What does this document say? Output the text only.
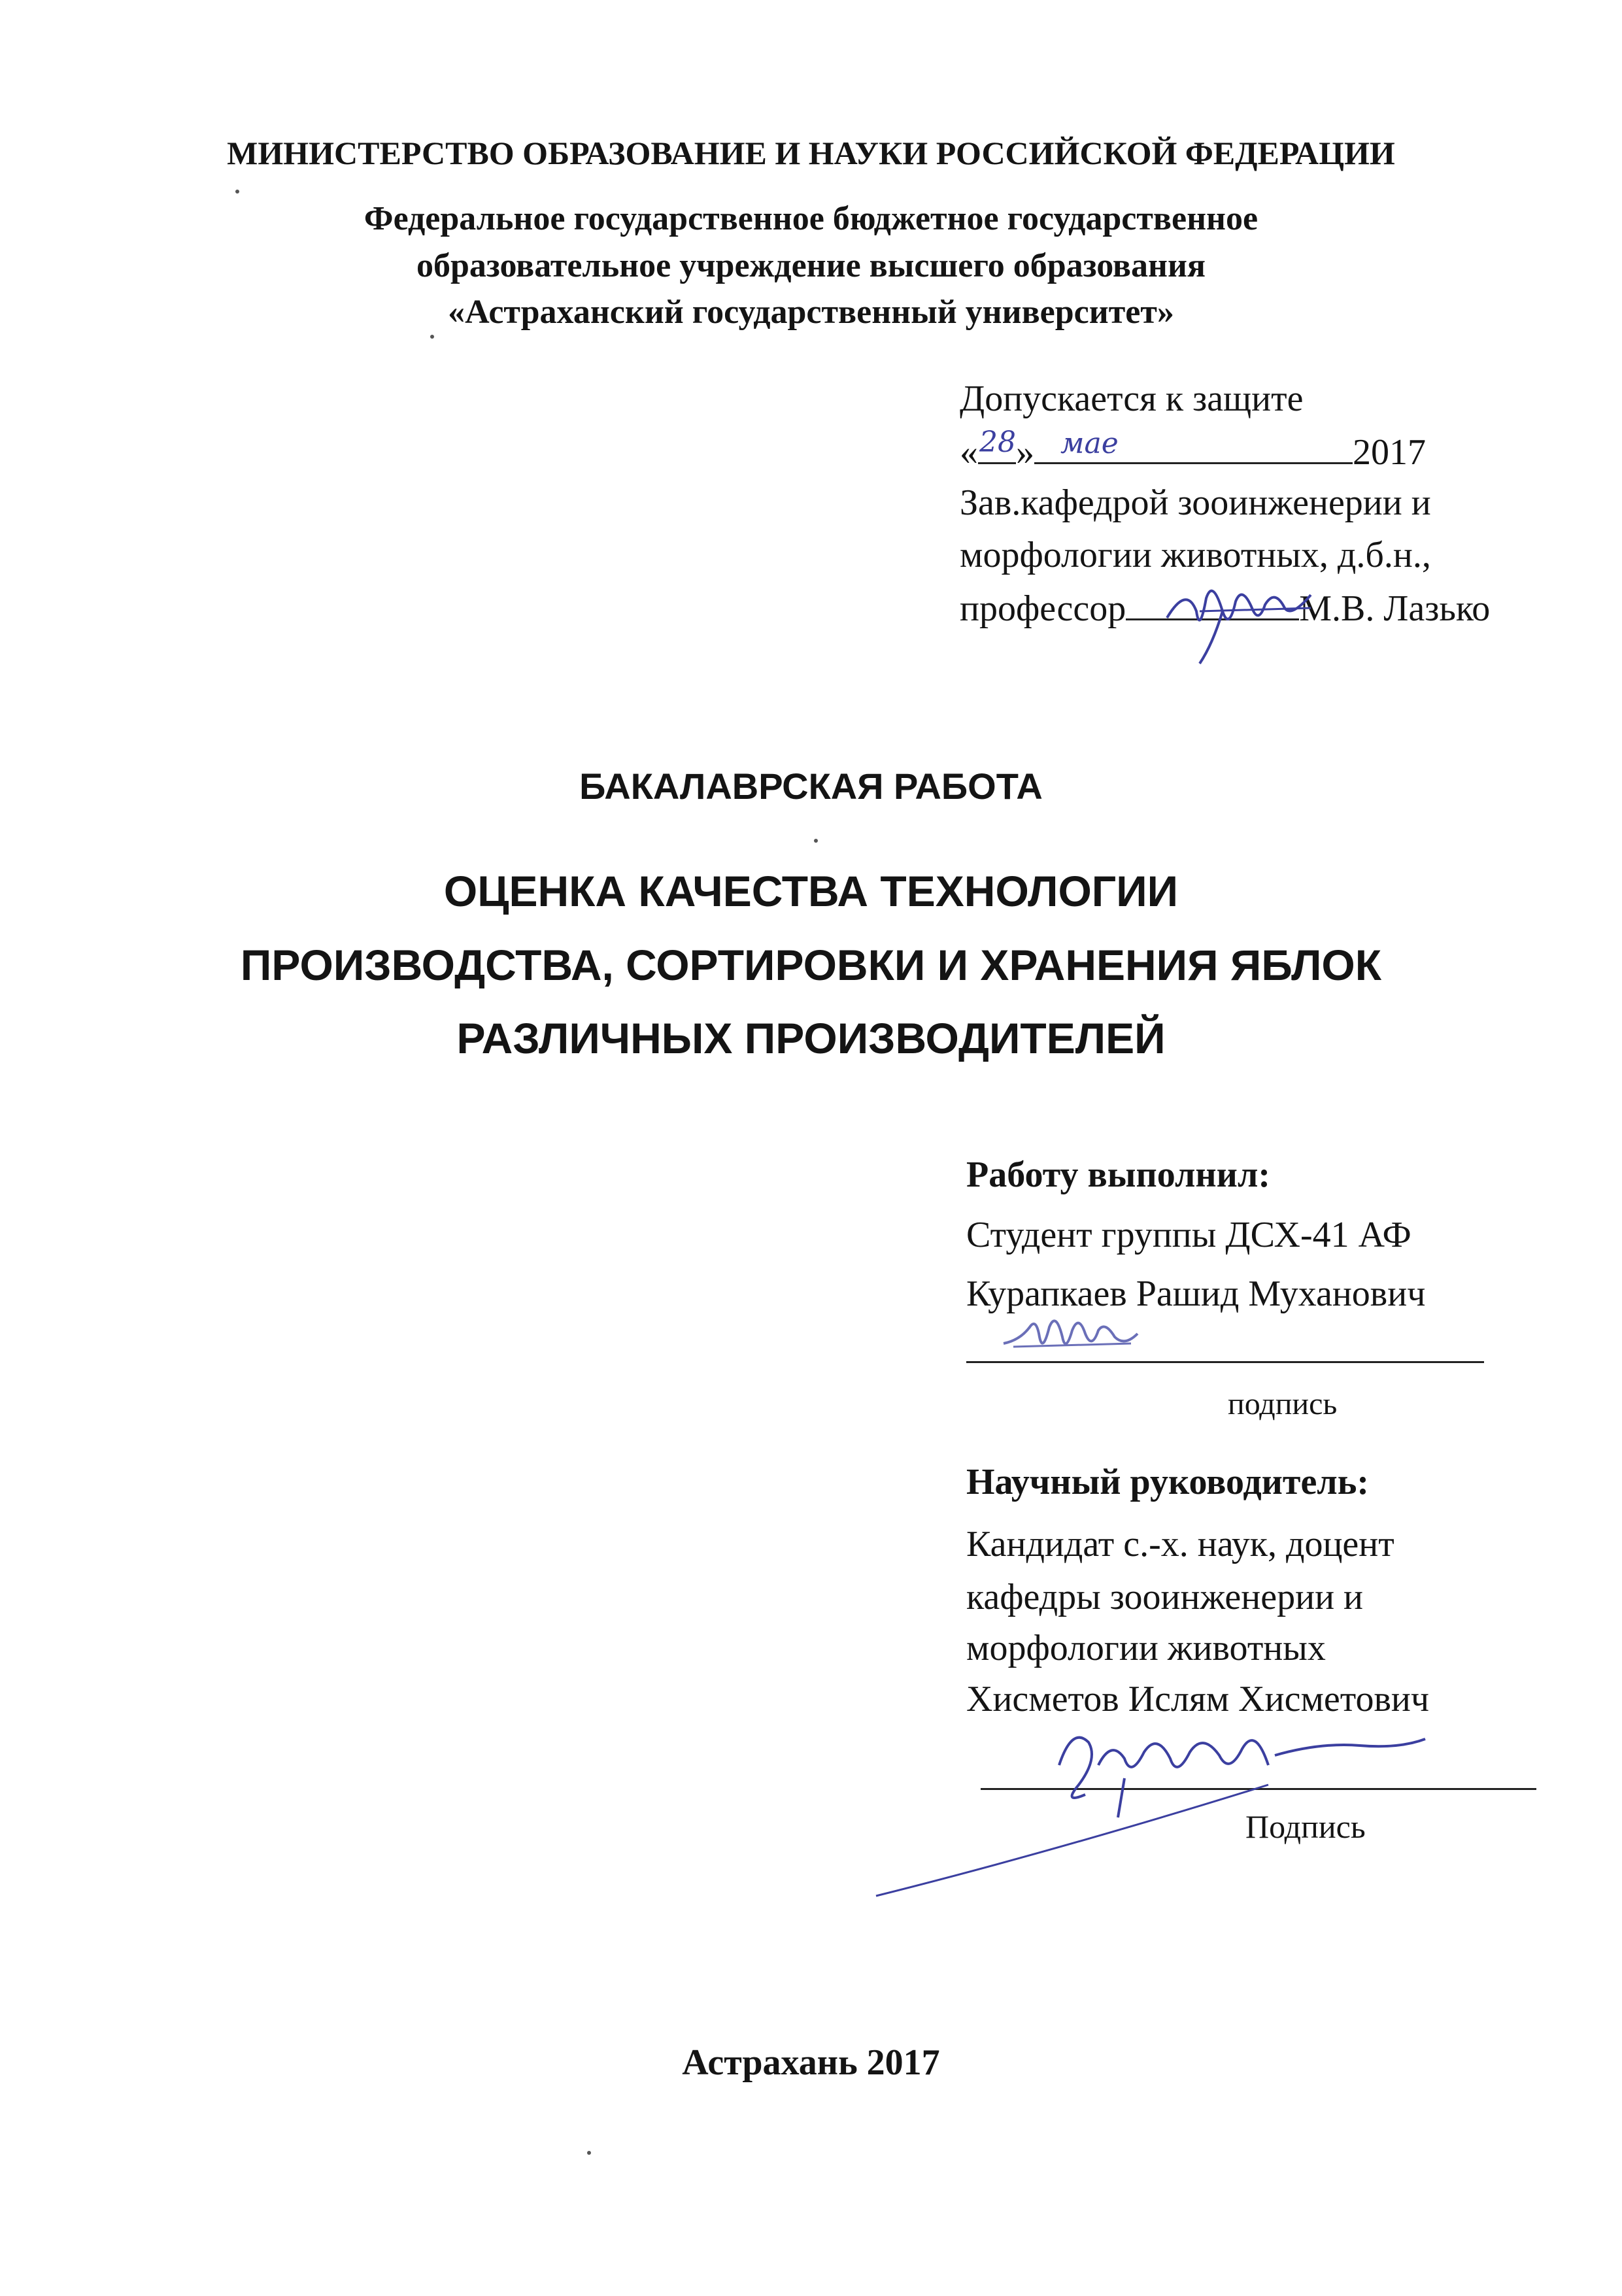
МИНИСТЕРСТВО ОБРАЗОВАНИЕ И НАУКИ РОССИЙСКОЙ ФЕДЕРАЦИИ

Федеральное государственное бюджетное государственное

образовательное учреждение высшего образования

«Астраханский государственный университет»

Допускается к защите

« 28 » мае	2017

Зав.кафедрой зооинженерии и

морфологии животных, д.б.н.,

профессор	М.В. Лазько

БАКАЛАВРСКАЯ РАБОТА

ОЦЕНКА КАЧЕСТВА ТЕХНОЛОГИИ

ПРОИЗВОДСТВА, СОРТИРОВКИ И ХРАНЕНИЯ ЯБЛОК

РАЗЛИЧНЫХ ПРОИЗВОДИТЕЛЕЙ

Работу выполнил:

Студент группы ДСХ-41 АФ

Курапкаев Рашид Муханович

подпись

Научный руководитель:

Кандидат с.-х. наук, доцент

кафедры зооинженерии и

морфологии животных

Хисметов Ислям Хисметович

Подпись

Астрахань 2017
